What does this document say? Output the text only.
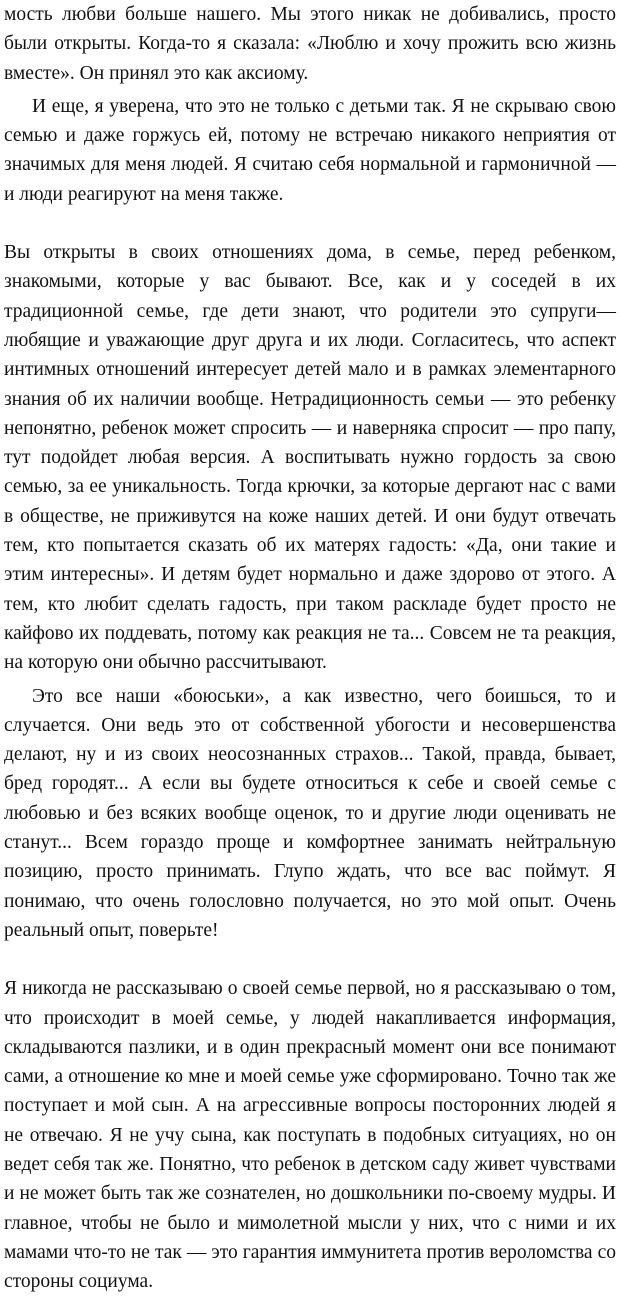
мость любви больше нашего. Мы этого никак не добивались, просто были открыты. Когда-то я сказала: «Люблю и хочу прожить всю жизнь вместе». Он принял это как аксиому.

И еще, я уверена, что это не только с детьми так. Я не скрываю свою семью и даже горжусь ей, потому не встречаю никакого неприятия от значимых для меня людей. Я считаю себя нормальной и гармоничной — и люди реагируют на меня также.

Вы открыты в своих отношениях дома, в семье, перед ребенком, знакомыми, которые у вас бывают. Все, как и у соседей в их традиционной семье, где дети знают, что родители это супруги—любящие и уважающие друг друга и их люди. Согласитесь, что аспект интимных отношений интересует детей мало и в рамках элементарного знания об их наличии вообще. Нетрадиционность семьи — это ребенку непонятно, ребенок может спросить — и наверняка спросит — про папу, тут подойдет любая версия. А воспитывать нужно гордость за свою семью, за ее уникальность. Тогда крючки, за которые дергают нас с вами в обществе, не приживутся на коже наших детей. И они будут отвечать тем, кто попытается сказать об их матерях гадость: «Да, они такие и этим интересны». И детям будет нормально и даже здорово от этого. А тем, кто любит сделать гадость, при таком раскладе будет просто не кайфово их поддевать, потому как реакция не та... Совсем не та реакция, на которую они обычно рассчитывают.

Это все наши «боюськи», а как известно, чего боишься, то и случается. Они ведь это от собственной убогости и несовершенства делают, ну и из своих неосознанных страхов... Такой, правда, бывает, бред городят... А если вы будете относиться к себе и своей семье с любовью и без всяких вообще оценок, то и другие люди оценивать не станут... Всем гораздо проще и комфортнее занимать нейтральную позицию, просто принимать. Глупо ждать, что все вас поймут. Я понимаю, что очень голословно получается, но это мой опыт. Очень реальный опыт, поверьте!

Я никогда не рассказываю о своей семье первой, но я рассказываю о том, что происходит в моей семье, у людей накапливается информация, складываются пазлики, и в один прекрасный момент они все понимают сами, а отношение ко мне и моей семье уже сформировано. Точно так же поступает и мой сын. А на агрессивные вопросы посторонних людей я не отвечаю. Я не учу сына, как поступать в подобных ситуациях, но он ведет себя так же. Понятно, что ребенок в детском саду живет чувствами и не может быть так же сознателен, но дошкольники по-своему мудры. И главное, чтобы не было и мимолетной мысли у них, что с ними и их мамами что-то не так — это гарантия иммунитета против вероломства со стороны социума.
